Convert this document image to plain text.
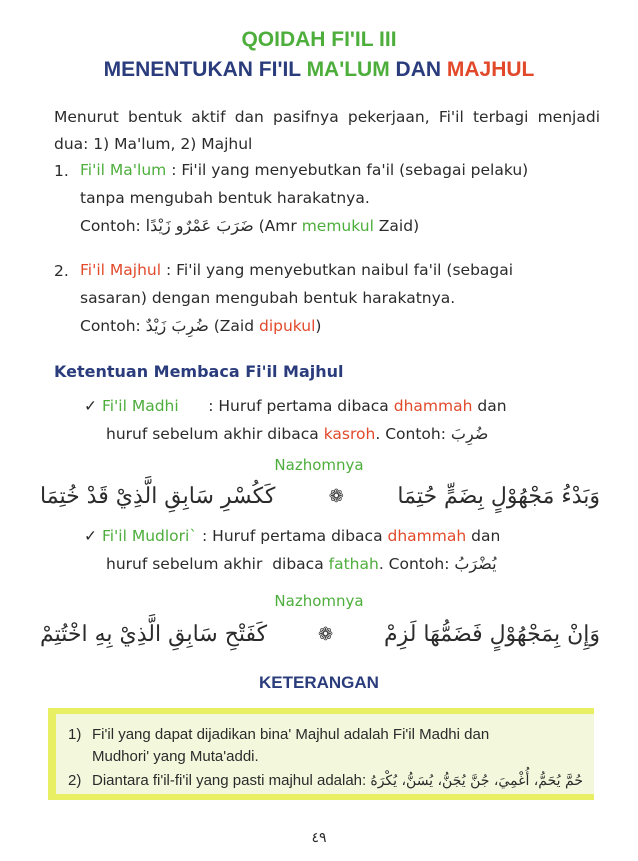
QOIDAH FI'IL III
MENENTUKAN FI'IL MA'LUM DAN MAJHUL
Menurut bentuk aktif dan pasifnya pekerjaan, Fi'il terbagi menjadi dua: 1) Ma'lum, 2) Majhul
1. Fi'il Ma'lum : Fi'il yang menyebutkan fa'il (sebagai pelaku)
tanpa mengubah bentuk harakatnya.
Contoh: ضَرَبَ عَمْرٌو زَيْدًا (Amr memukul Zaid)
2. Fi'il Majhul : Fi'il yang menyebutkan naibul fa'il (sebagai
sasaran) dengan mengubah bentuk harakatnya.
Contoh: ضُرِبَ زَيْدٌ (Zaid dipukul)
Ketentuan Membaca Fi'il Majhul
✓ Fi'il Madhi      : Huruf pertama dibaca dhammah dan
huruf sebelum akhir dibaca kasroh. Contoh: ضُرِبَ
Nazhomnya
وَبَدْءُ مَجْهُوْلٍ بِضَمٍّ حُتِمَا
❁
كَكُسْرِ سَابِقِ الَّذِيْ قَدْ خُتِمَا
✓ Fi'il Mudlori` : Huruf pertama dibaca dhammah dan
huruf sebelum akhir  dibaca fathah. Contoh: يُضْرَبُ
Nazhomnya
وَإِنْ بِمَجْهُوْلٍ فَضَمُّهَا لَزِمْ
❁
كَفَتْحِ سَابِقِ الَّذِيْ بِهِ اخْتُتِمْ
KETERANGAN
1) Fi'il yang dapat dijadikan bina' Majhul adalah Fi'il Madhi dan
Mudhori' yang Muta'addi.
2) Diantara fi'il-fi'il yang pasti majhul adalah: حُمَّ يُحَمُّ، أُغْمِيَ، جُنَّ يُجَنُّ، يُسَنُّ، يُكْرَهُ
٤٩
